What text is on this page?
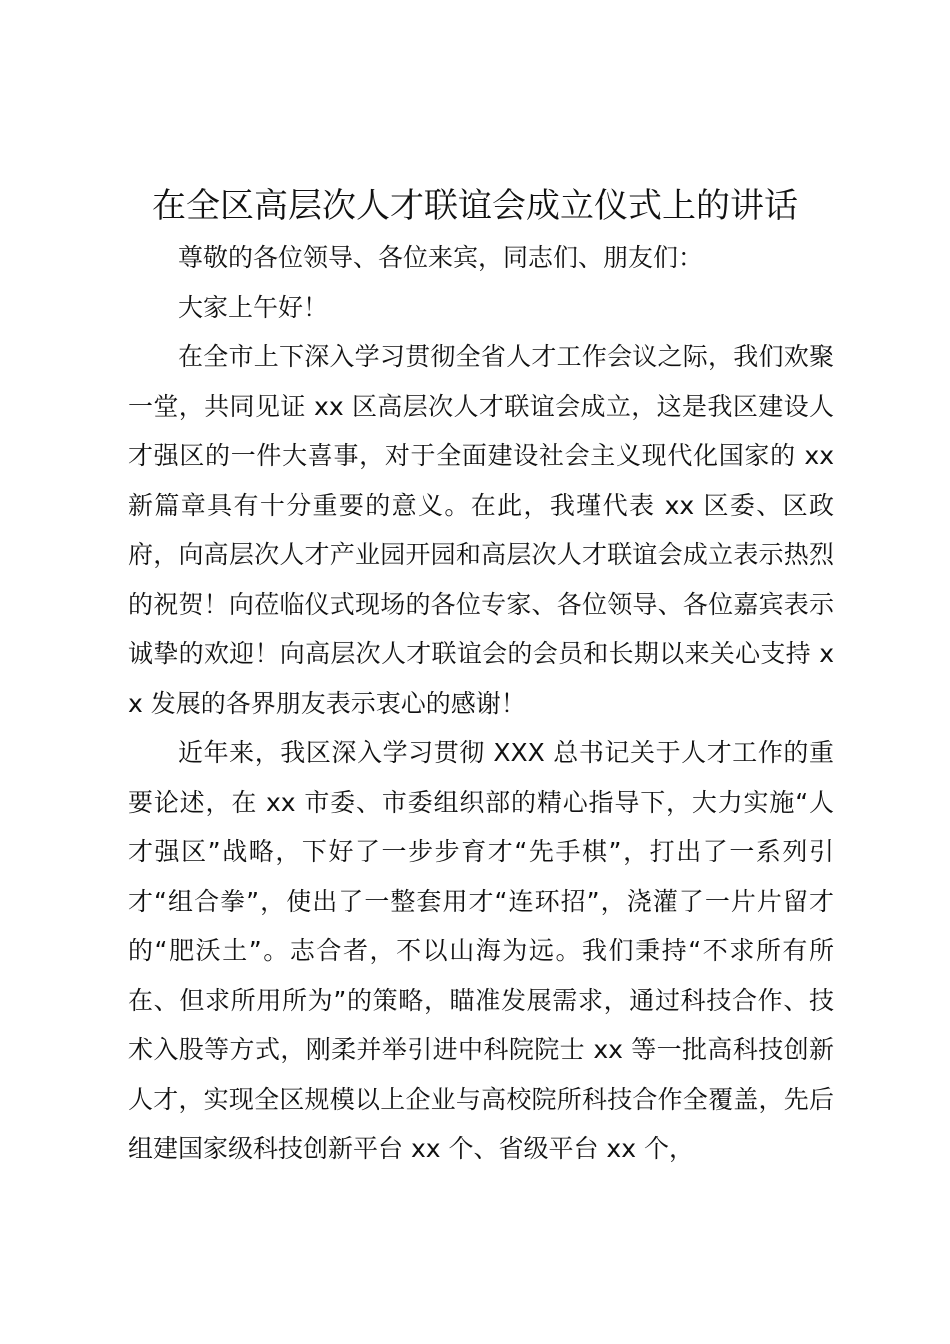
在全区高层次人才联谊会成立仪式上的讲话

尊敬的各位领导、各位来宾，同志们、朋友们：

大家上午好！

在全市上下深入学习贯彻全省人才工作会议之际，我们欢聚一堂，共同见证 xx 区高层次人才联谊会成立，这是我区建设人才强区的一件大喜事，对于全面建设社会主义现代化国家的 xx 新篇章具有十分重要的意义。在此，我瑾代表 xx 区委、区政府，向高层次人才产业园开园和高层次人才联谊会成立表示热烈的祝贺！向莅临仪式现场的各位专家、各位领导、各位嘉宾表示诚挚的欢迎！向高层次人才联谊会的会员和长期以来关心支持 xx 发展的各界朋友表示衷心的感谢！

近年来，我区深入学习贯彻 XXX 总书记关于人才工作的重要论述，在 xx 市委、市委组织部的精心指导下，大力实施“人才强区”战略，下好了一步步育才“先手棋”，打出了一系列引才“组合拳”，使出了一整套用才“连环招”，浇灌了一片片留才的“肥沃土”。志合者，不以山海为远。我们秉持“不求所有所在、但求所用所为”的策略，瞄准发展需求，通过科技合作、技术入股等方式，刚柔并举引进中科院院士 xx 等一批高科技创新人才，实现全区规模以上企业与高校院所科技合作全覆盖，先后组建国家级科技创新平台 xx 个、省级平台 xx 个，
